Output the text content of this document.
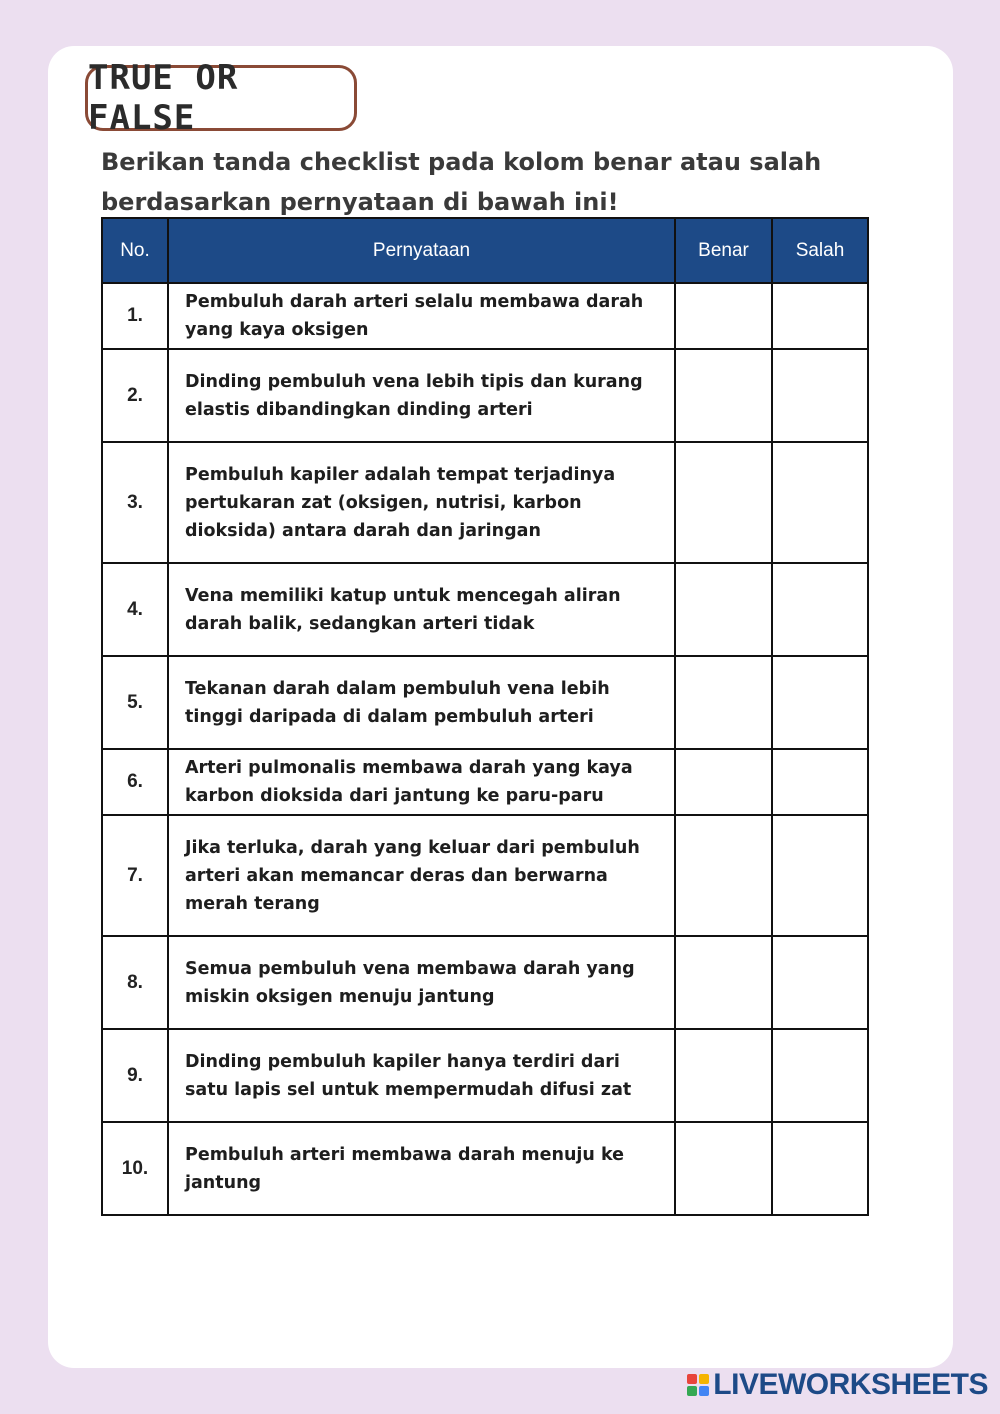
TRUE OR FALSE
Berikan tanda checklist pada kolom benar atau salah berdasarkan pernyataan di bawah ini!
No.	Pernyataan	Benar	Salah
1.	Pembuluh darah arteri selalu membawa darah yang kaya oksigen		
2.	Dinding pembuluh vena lebih tipis dan kurang elastis dibandingkan dinding arteri		
3.	Pembuluh kapiler adalah tempat terjadinya pertukaran zat (oksigen, nutrisi, karbon dioksida) antara darah dan jaringan		
4.	Vena memiliki katup untuk mencegah aliran darah balik, sedangkan arteri tidak		
5.	Tekanan darah dalam pembuluh vena lebih tinggi daripada di dalam pembuluh arteri		
6.	Arteri pulmonalis membawa darah yang kaya karbon dioksida dari jantung ke paru-paru		
7.	Jika terluka, darah yang keluar dari pembuluh arteri akan memancar deras dan berwarna merah terang		
8.	Semua pembuluh vena membawa darah yang miskin oksigen menuju jantung		
9.	Dinding pembuluh kapiler hanya terdiri dari satu lapis sel untuk mempermudah difusi zat		
10.	Pembuluh arteri membawa darah menuju ke jantung		
LIVEWORKSHEETS
